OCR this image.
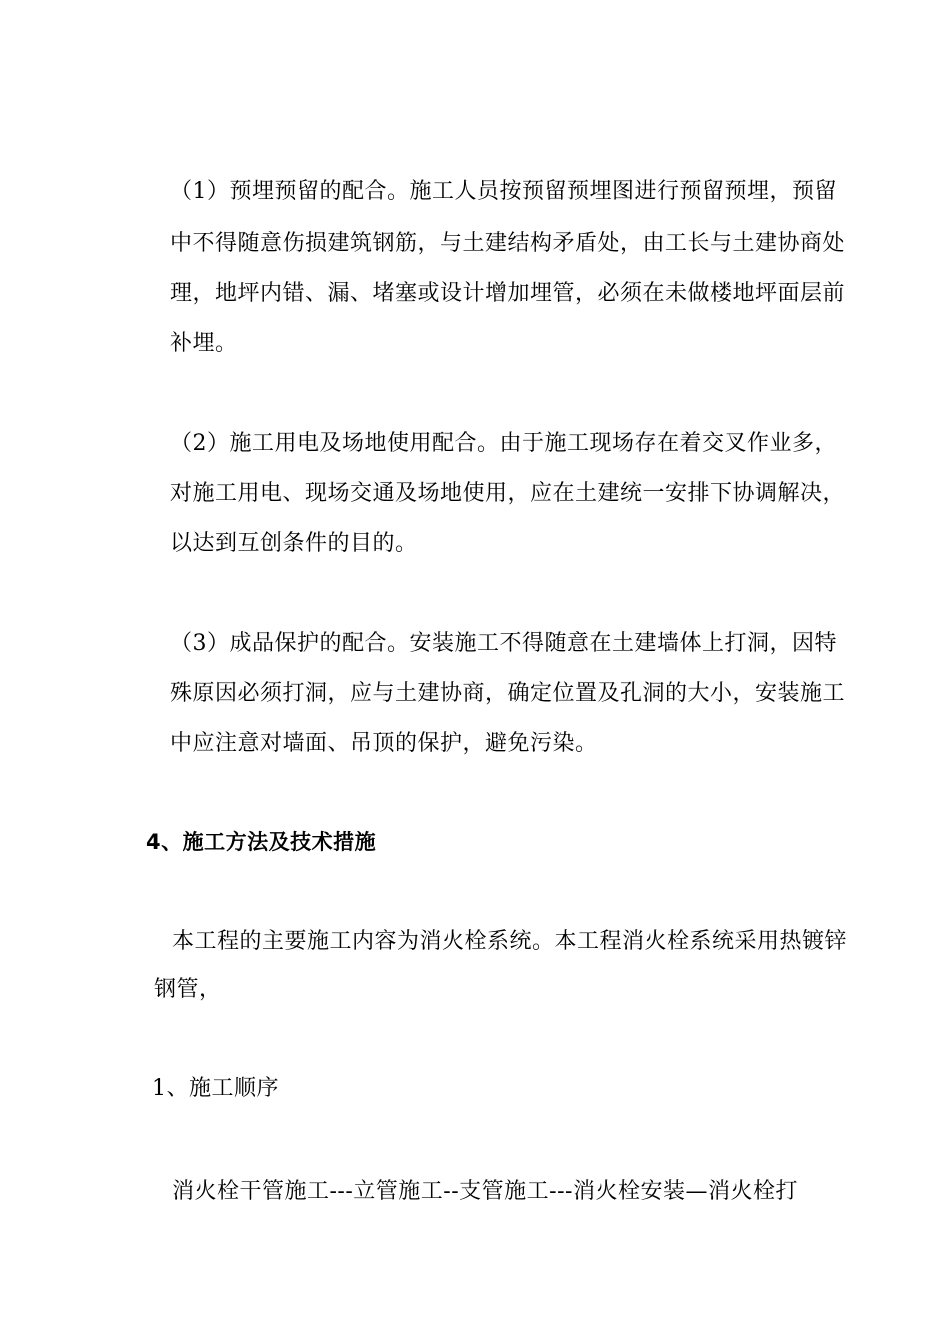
（1）预埋预留的配合。施工人员按预留预埋图进行预留预埋，预留
中不得随意伤损建筑钢筋，与土建结构矛盾处，由工长与土建协商处
理，地坪内错、漏、堵塞或设计增加埋管，必须在未做楼地坪面层前
补埋。
（2）施工用电及场地使用配合。由于施工现场存在着交叉作业多，
对施工用电、现场交通及场地使用，应在土建统一安排下协调解决，
以达到互创条件的目的。
（3）成品保护的配合。安装施工不得随意在土建墙体上打洞，因特
殊原因必须打洞，应与土建协商，确定位置及孔洞的大小，安装施工
中应注意对墙面、吊顶的保护，避免污染。
4、施工方法及技术措施
本工程的主要施工内容为消火栓系统。本工程消火栓系统采用热镀锌
钢管，
1、施工顺序
消火栓干管施工---立管施工--支管施工---消火栓安装—消火栓打
